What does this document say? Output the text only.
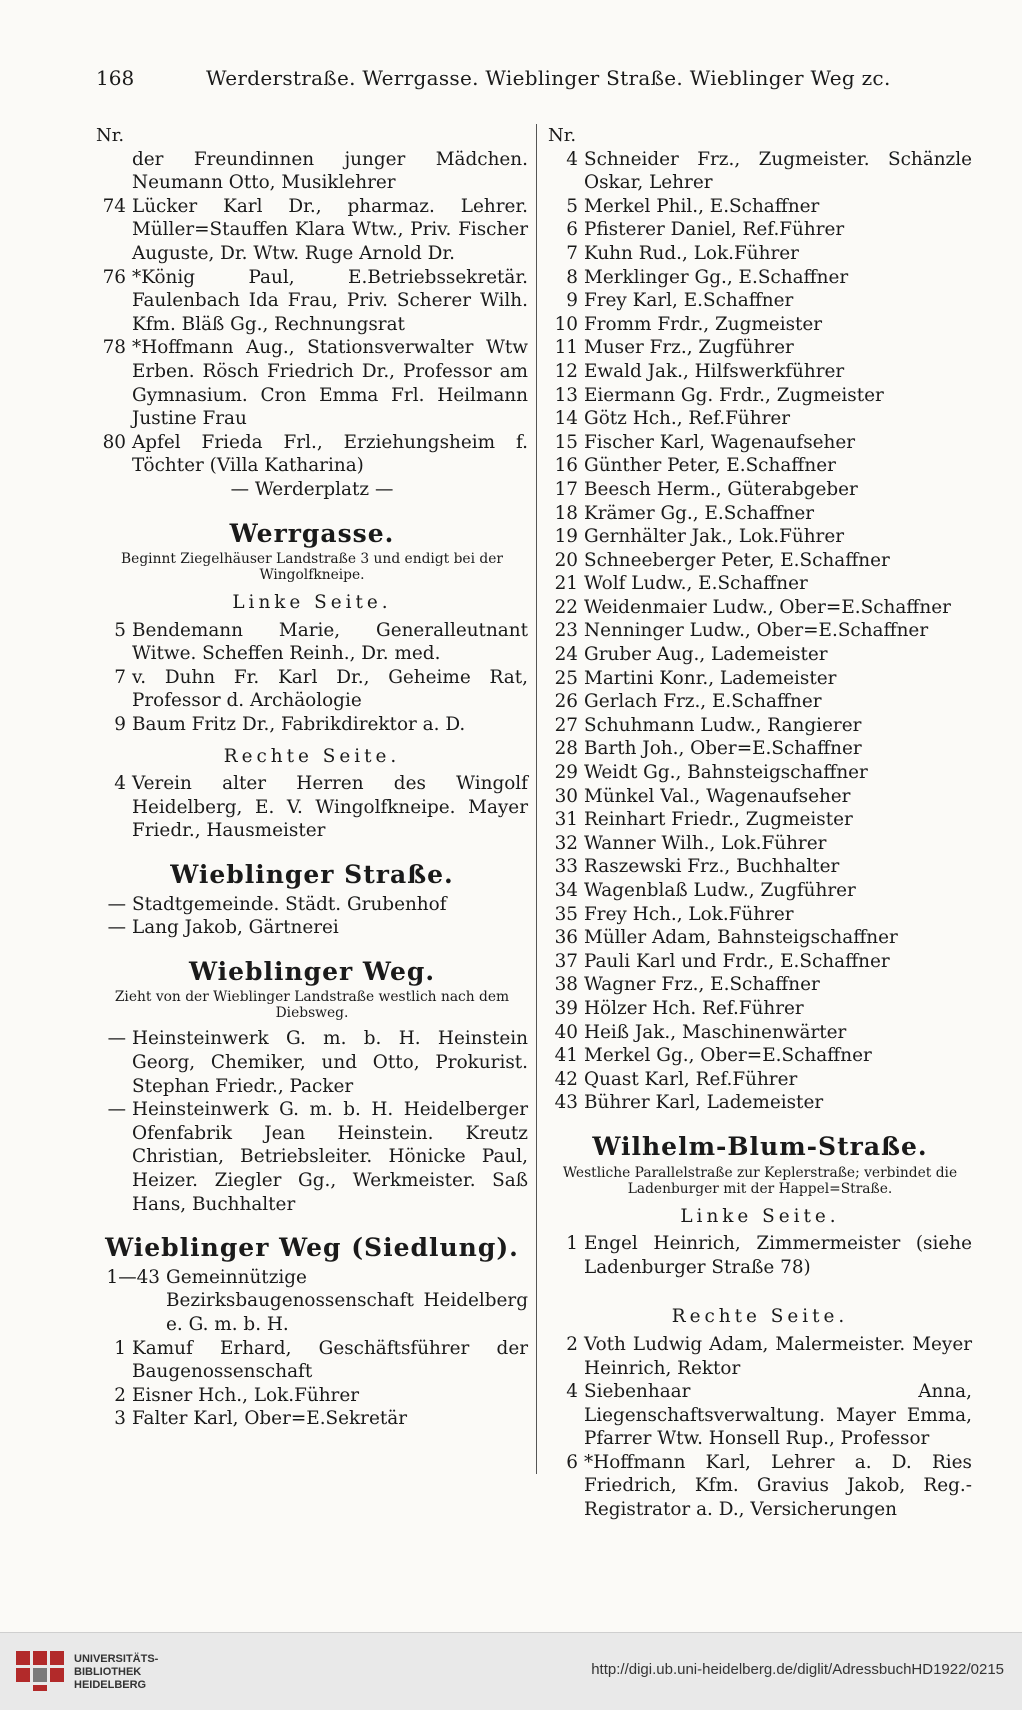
168	Werderstraße. Werrgasse. Wieblinger Straße. Wieblinger Weg zc.
Nr.
der Freundinnen junger Mädchen. Neumann Otto, Musiklehrer
74 Lücker Karl Dr., pharmaz. Lehrer. Müller=Stauffen Klara Wtw., Priv. Fischer Auguste, Dr. Wtw. Ruge Arnold Dr.
76 *König Paul, E.Betriebssekretär. Faulenbach Ida Frau, Priv. Scherer Wilh. Kfm. Bläß Gg., Rechnungsrat
78 *Hoffmann Aug., Stationsverwalter Wtw Erben. Rösch Friedrich Dr., Professor am Gymnasium. Cron Emma Frl. Heilmann Justine Frau
80 Apfel Frieda Frl., Erziehungsheim f. Töchter (Villa Katharina)
— Werderplatz —
Werrgasse.
Beginnt Ziegelhäuser Landstraße 3 und endigt bei der Wingolfkneipe.
Linke Seite.
5 Bendemann Marie, Generalleutnant Witwe. Scheffen Reinh., Dr. med.
7 v. Duhn Fr. Karl Dr., Geheime Rat, Professor d. Archäologie
9 Baum Fritz Dr., Fabrikdirektor a. D.
Rechte Seite.
4 Verein alter Herren des Wingolf Heidelberg, E. V. Wingolfkneipe. Mayer Friedr., Hausmeister
Wieblinger Straße.
— Stadtgemeinde. Städt. Grubenhof
— Lang Jakob, Gärtnerei
Wieblinger Weg.
Zieht von der Wieblinger Landstraße westlich nach dem Diebsweg.
— Heinsteinwerk G. m. b. H. Heinstein Georg, Chemiker, und Otto, Prokurist. Stephan Friedr., Packer
— Heinsteinwerk G. m. b. H. Heidelberger Ofenfabrik Jean Heinstein. Kreutz Christian, Betriebsleiter. Hönicke Paul, Heizer. Ziegler Gg., Werkmeister. Saß Hans, Buchhalter
Wieblinger Weg (Siedlung).
1—43 Gemeinnützige Bezirksbaugenossenschaft Heidelberg e. G. m. b. H.
1 Kamuf Erhard, Geschäftsführer der Baugenossenschaft
2 Eisner Hch., Lok.Führer
3 Falter Karl, Ober=E.Sekretär
Nr.
4 Schneider Frz., Zugmeister. Schänzle Oskar, Lehrer
5 Merkel Phil., E.Schaffner
6 Pfisterer Daniel, Ref.Führer
7 Kuhn Rud., Lok.Führer
8 Merklinger Gg., E.Schaffner
9 Frey Karl, E.Schaffner
10 Fromm Frdr., Zugmeister
11 Muser Frz., Zugführer
12 Ewald Jak., Hilfswerkführer
13 Eiermann Gg. Frdr., Zugmeister
14 Götz Hch., Ref.Führer
15 Fischer Karl, Wagenaufseher
16 Günther Peter, E.Schaffner
17 Beesch Herm., Güterabgeber
18 Krämer Gg., E.Schaffner
19 Gernhälter Jak., Lok.Führer
20 Schneeberger Peter, E.Schaffner
21 Wolf Ludw., E.Schaffner
22 Weidenmaier Ludw., Ober=E.Schaffner
23 Nenninger Ludw., Ober=E.Schaffner
24 Gruber Aug., Lademeister
25 Martini Konr., Lademeister
26 Gerlach Frz., E.Schaffner
27 Schuhmann Ludw., Rangierer
28 Barth Joh., Ober=E.Schaffner
29 Weidt Gg., Bahnsteigschaffner
30 Münkel Val., Wagenaufseher
31 Reinhart Friedr., Zugmeister
32 Wanner Wilh., Lok.Führer
33 Raszewski Frz., Buchhalter
34 Wagenblaß Ludw., Zugführer
35 Frey Hch., Lok.Führer
36 Müller Adam, Bahnsteigschaffner
37 Pauli Karl und Frdr., E.Schaffner
38 Wagner Frz., E.Schaffner
39 Hölzer Hch. Ref.Führer
40 Heiß Jak., Maschinenwärter
41 Merkel Gg., Ober=E.Schaffner
42 Quast Karl, Ref.Führer
43 Bührer Karl, Lademeister
Wilhelm-Blum-Straße.
Westliche Parallelstraße zur Keplerstraße; verbindet die Ladenburger mit der Happel=Straße.
Linke Seite.
1 Engel Heinrich, Zimmermeister (siehe Ladenburger Straße 78)
Rechte Seite.
2 Voth Ludwig Adam, Malermeister. Meyer Heinrich, Rektor
4 Siebenhaar Anna, Liegenschaftsverwaltung. Mayer Emma, Pfarrer Wtw. Honsell Rup., Professor
6 *Hoffmann Karl, Lehrer a. D. Ries Friedrich, Kfm. Gravius Jakob, Reg.-Registrator a. D., Versicherungen
UNIVERSITÄTS-
BIBLIOTHEK
HEIDELBERG
http://digi.ub.uni-heidelberg.de/diglit/AdressbuchHD1922/0215
